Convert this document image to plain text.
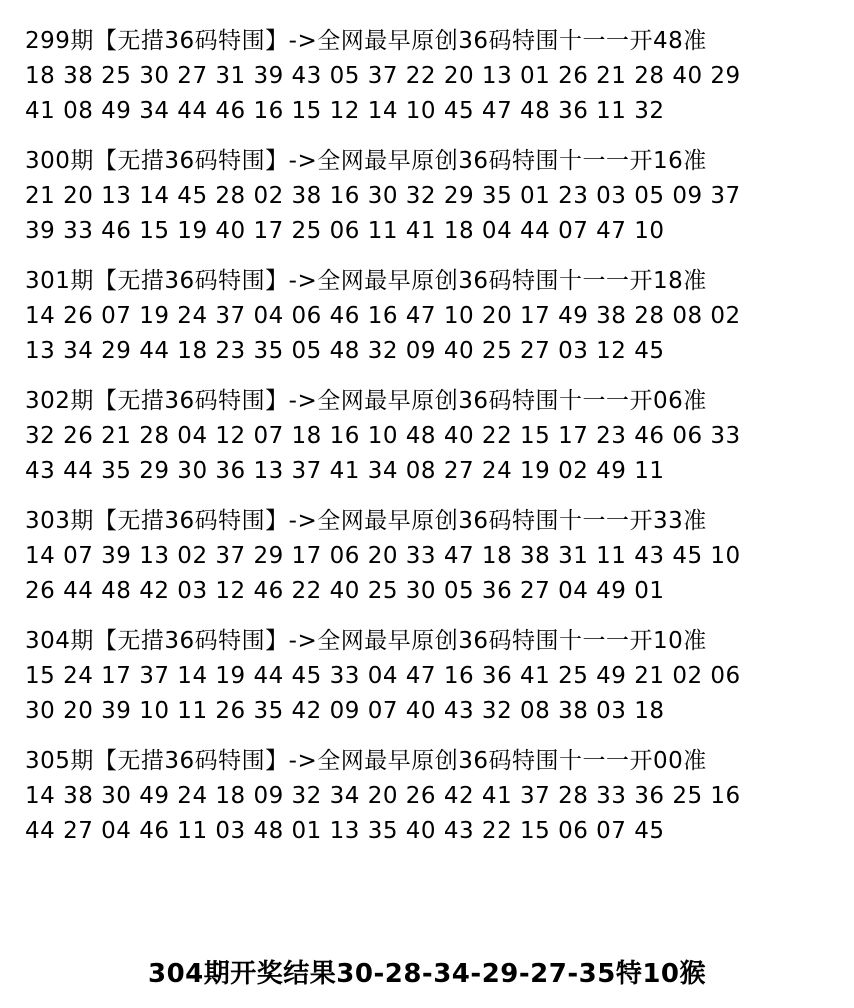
299期【无措36码特围】->全网最早原创36码特围十一一开48准
18 38 25 30 27 31 39 43 05 37 22 20 13 01 26 21 28 40 29
41 08 49 34 44 46 16 15 12 14 10 45 47 48 36 11 32
300期【无措36码特围】->全网最早原创36码特围十一一开16准
21 20 13 14 45 28 02 38 16 30 32 29 35 01 23 03 05 09 37
39 33 46 15 19 40 17 25 06 11 41 18 04 44 07 47 10
301期【无措36码特围】->全网最早原创36码特围十一一开18准
14 26 07 19 24 37 04 06 46 16 47 10 20 17 49 38 28 08 02
13 34 29 44 18 23 35 05 48 32 09 40 25 27 03 12 45
302期【无措36码特围】->全网最早原创36码特围十一一开06准
32 26 21 28 04 12 07 18 16 10 48 40 22 15 17 23 46 06 33
43 44 35 29 30 36 13 37 41 34 08 27 24 19 02 49 11
303期【无措36码特围】->全网最早原创36码特围十一一开33准
14 07 39 13 02 37 29 17 06 20 33 47 18 38 31 11 43 45 10
26 44 48 42 03 12 46 22 40 25 30 05 36 27 04 49 01
304期【无措36码特围】->全网最早原创36码特围十一一开10准
15 24 17 37 14 19 44 45 33 04 47 16 36 41 25 49 21 02 06
30 20 39 10 11 26 35 42 09 07 40 43 32 08 38 03 18
305期【无措36码特围】->全网最早原创36码特围十一一开00准
14 38 30 49 24 18 09 32 34 20 26 42 41 37 28 33 36 25 16
44 27 04 46 11 03 48 01 13 35 40 43 22 15 06 07 45
304期开奖结果30-28-34-29-27-35特10猴
